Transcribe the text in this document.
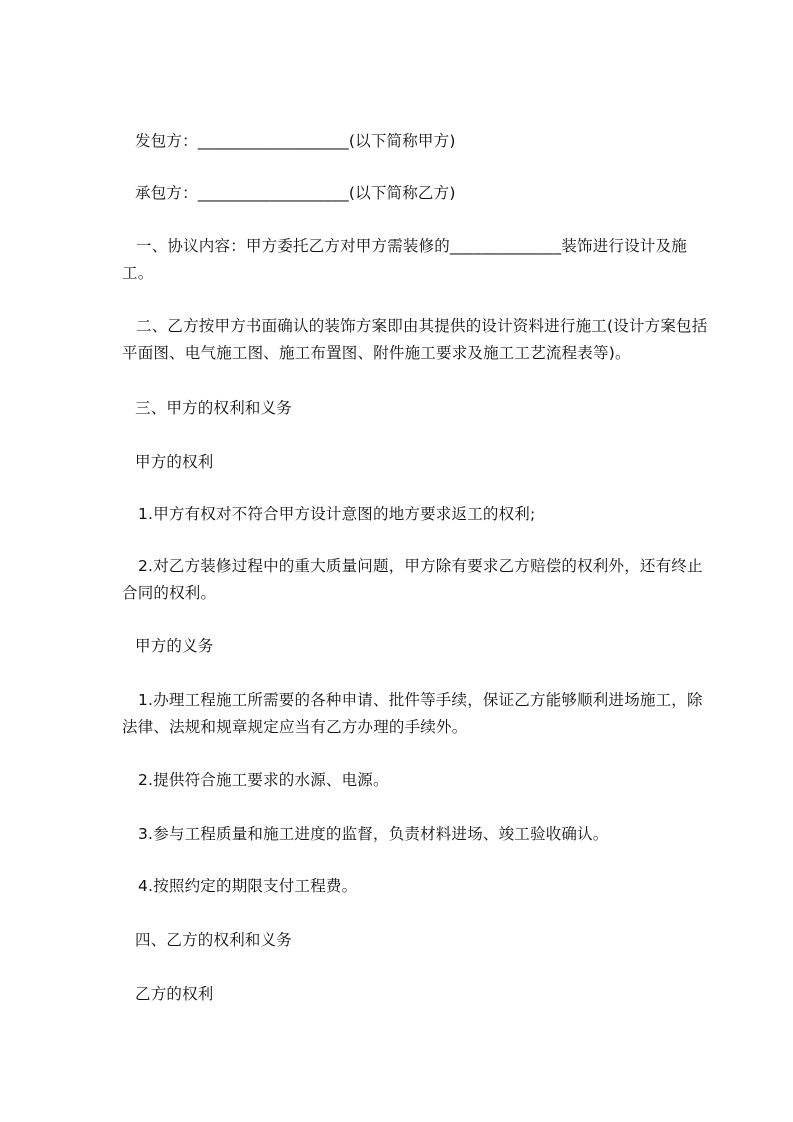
发包方：___________________(以下简称甲方)
承包方：___________________(以下简称乙方)
一、协议内容：甲方委托乙方对甲方需装修的______________装饰进行设计及施工。
二、乙方按甲方书面确认的装饰方案即由其提供的设计资料进行施工(设计方案包括平面图、电气施工图、施工布置图、附件施工要求及施工工艺流程表等)。
三、甲方的权利和义务
甲方的权利
1.甲方有权对不符合甲方设计意图的地方要求返工的权利;
2.对乙方装修过程中的重大质量问题，甲方除有要求乙方赔偿的权利外，还有终止合同的权利。
甲方的义务
1.办理工程施工所需要的各种申请、批件等手续，保证乙方能够顺利进场施工，除法律、法规和规章规定应当有乙方办理的手续外。
2.提供符合施工要求的水源、电源。
3.参与工程质量和施工进度的监督，负责材料进场、竣工验收确认。
4.按照约定的期限支付工程费。
四、乙方的权利和义务
乙方的权利
